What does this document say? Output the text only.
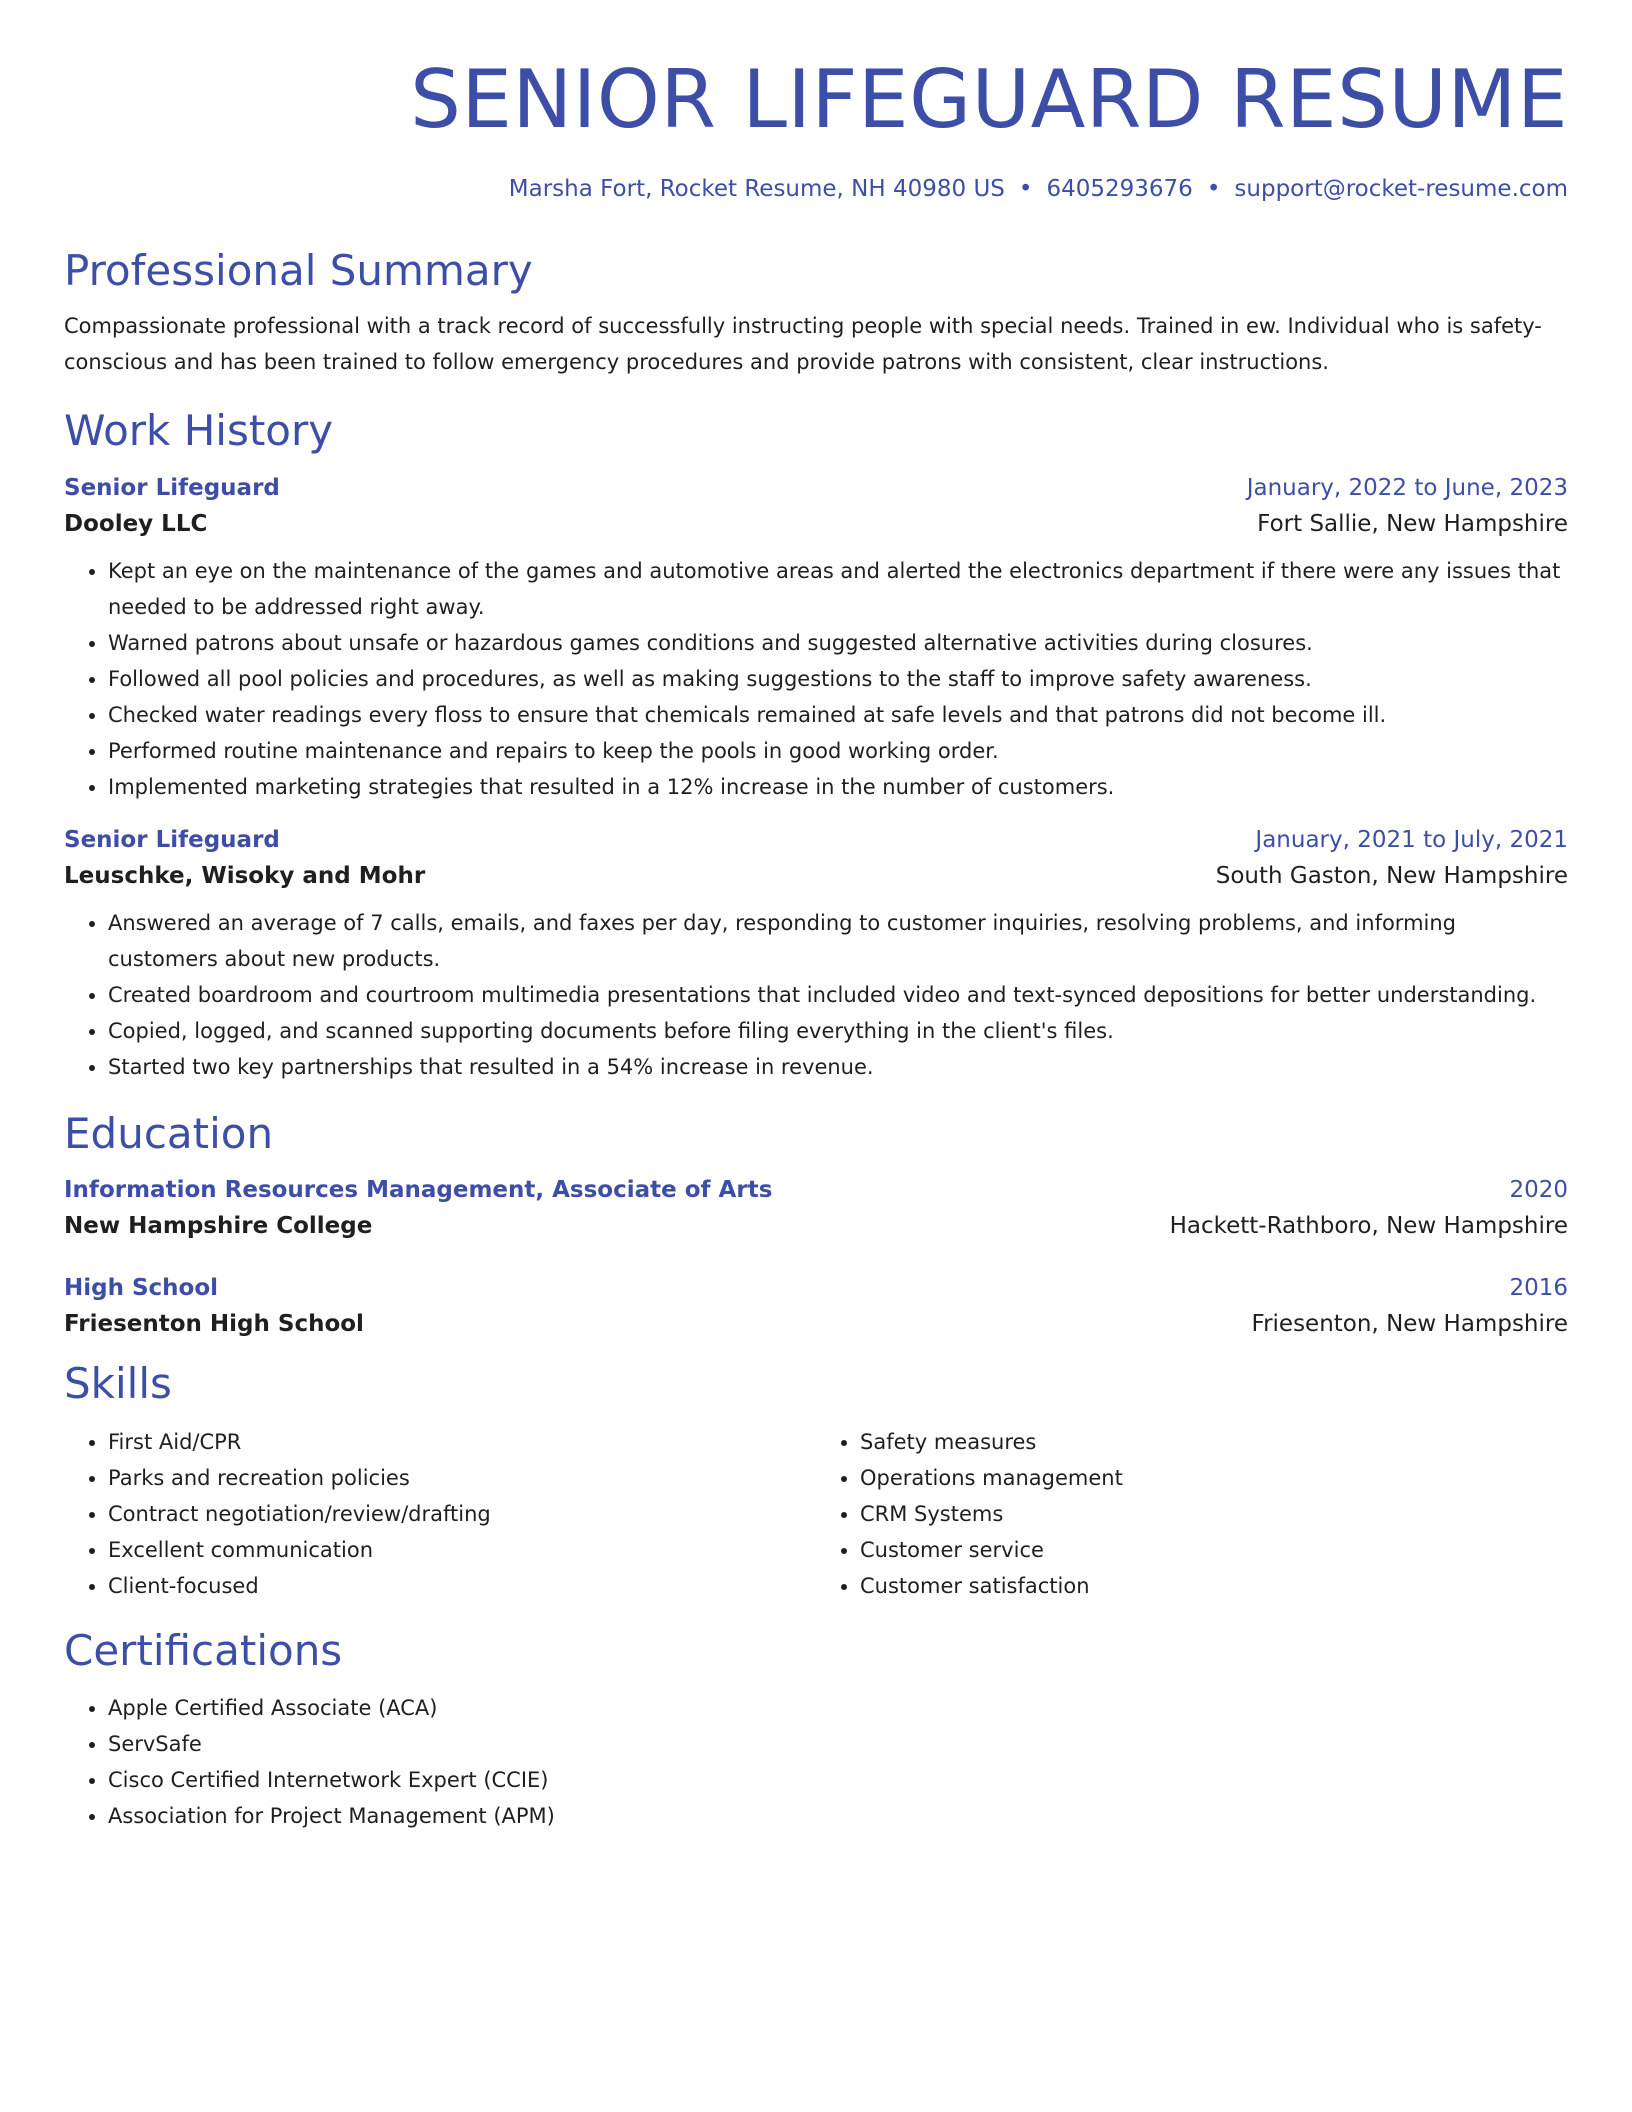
SENIOR LIFEGUARD RESUME
Marsha Fort, Rocket Resume, NH 40980 US • 6405293676 • support@rocket-resume.com
Professional Summary

Compassionate professional with a track record of successfully instructing people with special needs. Trained in ew. Individual who is safety-conscious and has been trained to follow emergency procedures and provide patrons with consistent, clear instructions.

Work History
Senior Lifeguard	January, 2022 to June, 2023
Dooley LLC	Fort Sallie, New Hampshire
• Kept an eye on the maintenance of the games and automotive areas and alerted the electronics department if there were any issues that needed to be addressed right away.
• Warned patrons about unsafe or hazardous games conditions and suggested alternative activities during closures.
• Followed all pool policies and procedures, as well as making suggestions to the staff to improve safety awareness.
• Checked water readings every floss to ensure that chemicals remained at safe levels and that patrons did not become ill.
• Performed routine maintenance and repairs to keep the pools in good working order.
• Implemented marketing strategies that resulted in a 12% increase in the number of customers.
Senior Lifeguard	January, 2021 to July, 2021
Leuschke, Wisoky and Mohr	South Gaston, New Hampshire
• Answered an average of 7 calls, emails, and faxes per day, responding to customer inquiries, resolving problems, and informing customers about new products.
• Created boardroom and courtroom multimedia presentations that included video and text-synced depositions for better understanding.
• Copied, logged, and scanned supporting documents before filing everything in the client's files.
• Started two key partnerships that resulted in a 54% increase in revenue.
Education
Information Resources Management, Associate of Arts	2020
New Hampshire College	Hackett-Rathboro, New Hampshire
High School	2016
Friesenton High School	Friesenton, New Hampshire
Skills
• First Aid/CPR
• Parks and recreation policies
• Contract negotiation/review/drafting
• Excellent communication
• Client-focused
• Safety measures
• Operations management
• CRM Systems
• Customer service
• Customer satisfaction
Certifications
• Apple Certified Associate (ACA)
• ServSafe
• Cisco Certified Internetwork Expert (CCIE)
• Association for Project Management (APM)
